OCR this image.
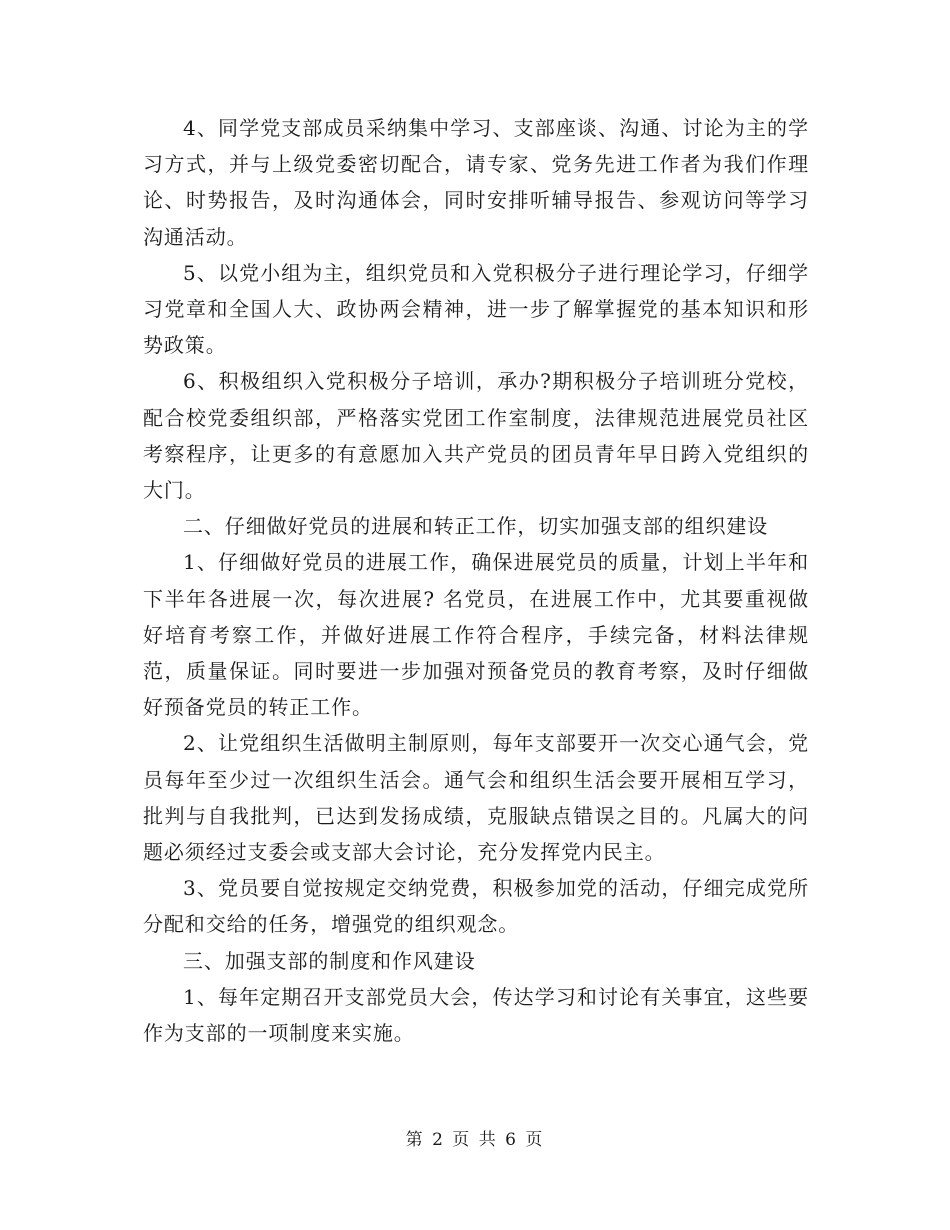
4、同学党支部成员采纳集中学习、支部座谈、沟通、讨论为主的学习方式，并与上级党委密切配合，请专家、党务先进工作者为我们作理论、时势报告，及时沟通体会，同时安排听辅导报告、参观访问等学习沟通活动。

5、以党小组为主，组织党员和入党积极分子进行理论学习，仔细学习党章和全国人大、政协两会精神，进一步了解掌握党的基本知识和形势政策。

6、积极组织入党积极分子培训，承办?期积极分子培训班分党校，配合校党委组织部，严格落实党团工作室制度，法律规范进展党员社区考察程序，让更多的有意愿加入共产党员的团员青年早日跨入党组织的大门。

二、仔细做好党员的进展和转正工作，切实加强支部的组织建设

1、仔细做好党员的进展工作，确保进展党员的质量，计划上半年和下半年各进展一次，每次进展? 名党员，在进展工作中，尤其要重视做好培育考察工作，并做好进展工作符合程序，手续完备，材料法律规范，质量保证。同时要进一步加强对预备党员的教育考察，及时仔细做好预备党员的转正工作。

2、让党组织生活做明主制原则，每年支部要开一次交心通气会，党员每年至少过一次组织生活会。通气会和组织生活会要开展相互学习，批判与自我批判，已达到发扬成绩，克服缺点错误之目的。凡属大的问题必须经过支委会或支部大会讨论，充分发挥党内民主。

3、党员要自觉按规定交纳党费，积极参加党的活动，仔细完成党所分配和交给的任务，增强党的组织观念。

三、加强支部的制度和作风建设

1、每年定期召开支部党员大会，传达学习和讨论有关事宜，这些要作为支部的一项制度来实施。

第 2 页 共 6 页
